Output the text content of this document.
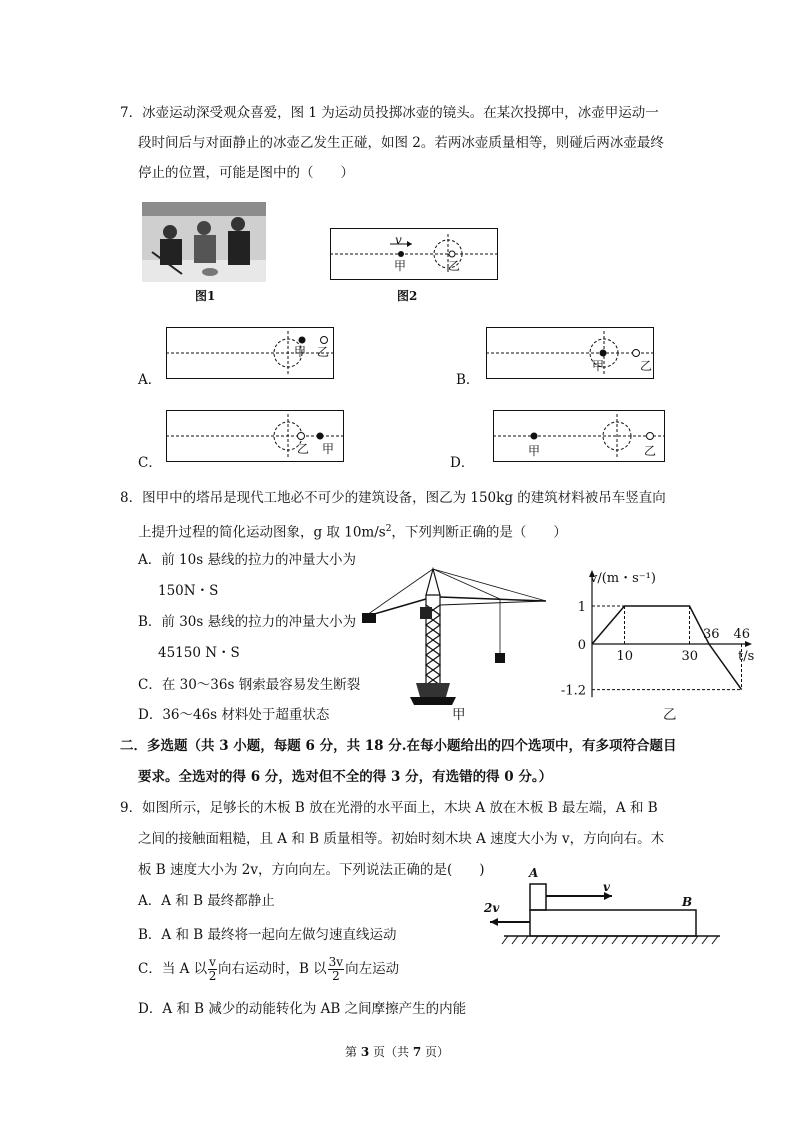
7．冰壶运动深受观众喜爱，图 1 为运动员投掷冰壶的镜头。在某次投掷中，冰壶甲运动一
段时间后与对面静止的冰壶乙发生正碰，如图 2。若两冰壶质量相等，则碰后两冰壶最终
停止的位置，可能是图中的（　　）
图1
v
甲	乙
图2
甲 乙
A．
甲	乙
B．
乙 甲
C．
甲	乙
D．
8．图甲中的塔吊是现代工地必不可少的建筑设备，图乙为 150kg 的建筑材料被吊车竖直向
上提升过程的简化运动图象，g 取 $10m/s^2$，下列判断正确的是（　　）
A．前 10s 悬线的拉力的冲量大小为
150N・S
B．前 30s 悬线的拉力的冲量大小为
45150 N・S
C．在 30～36s 钢索最容易发生断裂
D．36～46s 材料处于超重状态	甲
10	30
36 46
1
0
-1.2
v/(m・s⁻¹)
t/s
乙
二．多选题（共 3 小题，每题 6 分，共 18 分.在每小题给出的四个选项中，有多项符合题目
要求。全选对的得 6 分，选对但不全的得 3 分，有选错的得 0 分。）
9．如图所示，足够长的木板 B 放在光滑的水平面上，木块 A 放在木板 B 最左端，A 和 B
之间的接触面粗糙，且 A 和 B 质量相等。初始时刻木块 A 速度大小为 v，方向向右。木
板 B 速度大小为 2v，方向向左。下列说法正确的是(　　)
A．A 和 B 最终都静止
B．A 和 B 最终将一起向左做匀速直线运动
C．当 A 以 $\frac{v}{2}$ 向右运动时，B 以 $\frac{3v}{2}$ 向左运动
D．A 和 B 减少的动能转化为 AB 之间摩擦产生的内能
A
v
2v	B
第 3 页（共 7 页）
